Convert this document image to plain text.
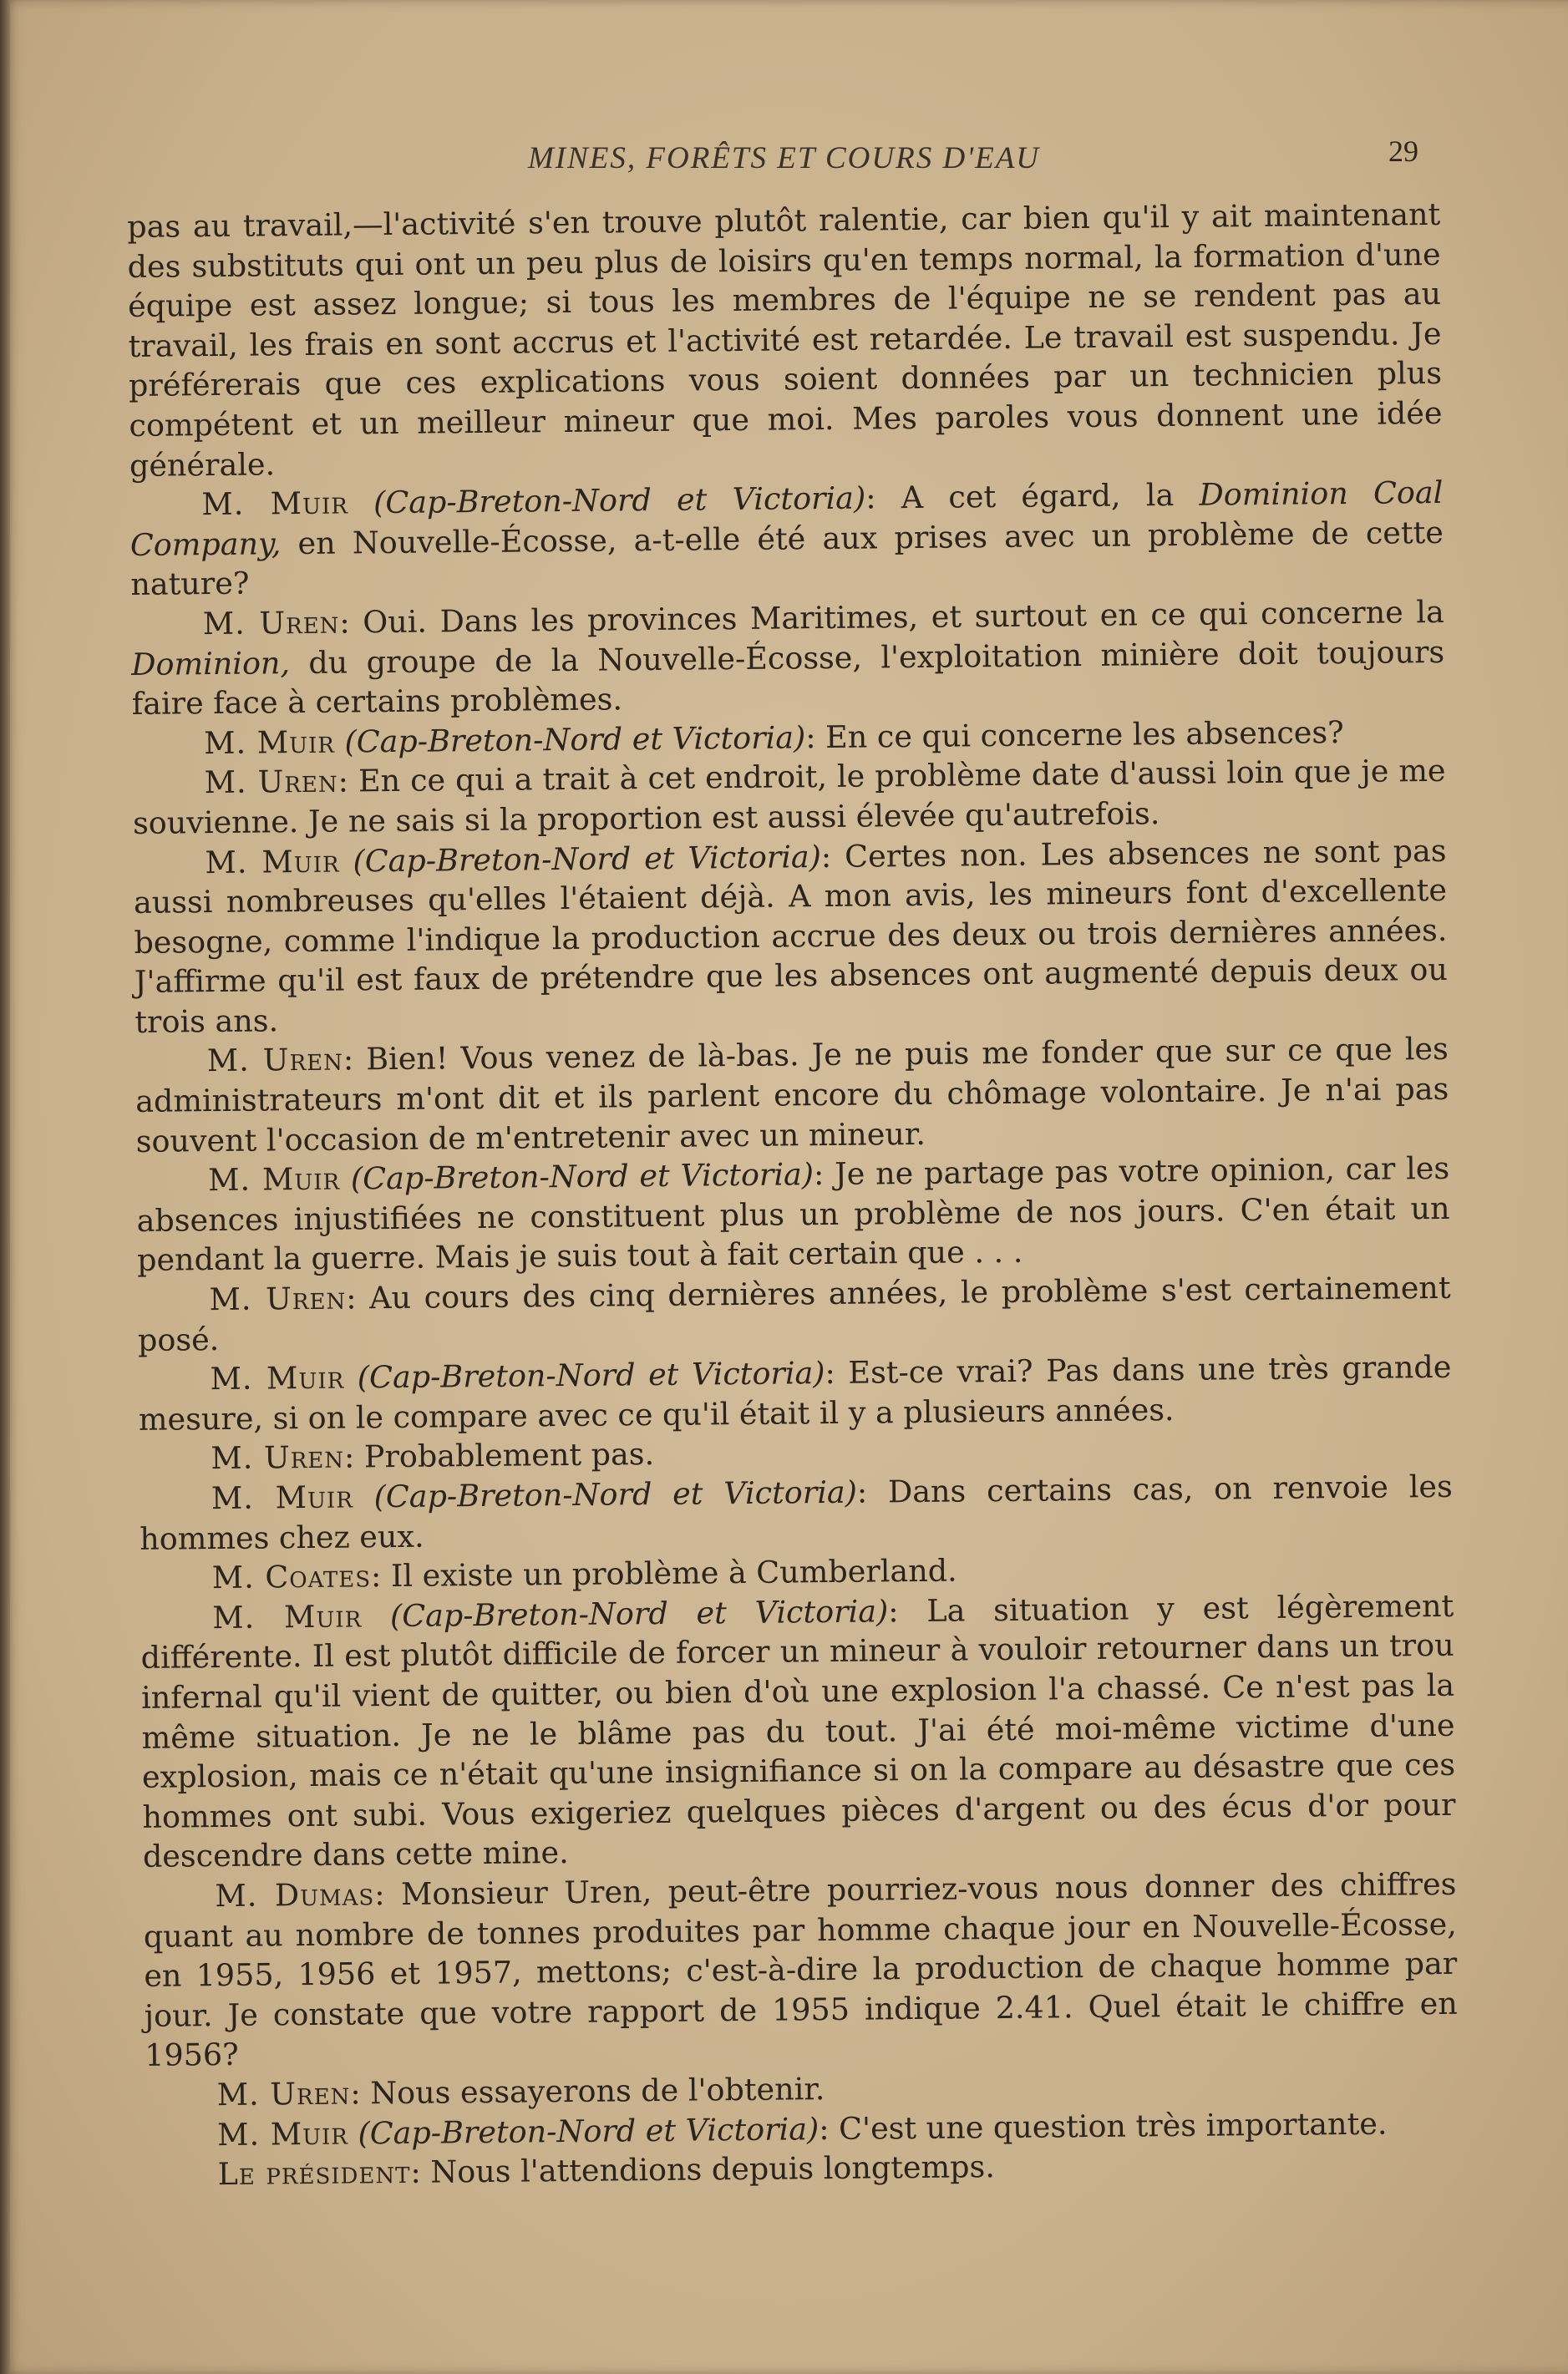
MINES, FORÊTS ET COURS D'EAU	29

pas au travail,—l'activité s'en trouve plutôt ralentie, car bien qu'il y ait maintenant des substituts qui ont un peu plus de loisirs qu'en temps normal, la formation d'une équipe est assez longue; si tous les membres de l'équipe ne se rendent pas au travail, les frais en sont accrus et l'activité est retardée. Le travail est suspendu. Je préférerais que ces explications vous soient données par un technicien plus compétent et un meilleur mineur que moi. Mes paroles vous donnent une idée générale.

M. Muir (Cap-Breton-Nord et Victoria): A cet égard, la Dominion Coal Company, en Nouvelle-Écosse, a-t-elle été aux prises avec un problème de cette nature?

M. Uren: Oui. Dans les provinces Maritimes, et surtout en ce qui concerne la Dominion, du groupe de la Nouvelle-Écosse, l'exploitation minière doit toujours faire face à certains problèmes.

M. Muir (Cap-Breton-Nord et Victoria): En ce qui concerne les absences?

M. Uren: En ce qui a trait à cet endroit, le problème date d'aussi loin que je me souvienne. Je ne sais si la proportion est aussi élevée qu'autrefois.

M. Muir (Cap-Breton-Nord et Victoria): Certes non. Les absences ne sont pas aussi nombreuses qu'elles l'étaient déjà. A mon avis, les mineurs font d'excellente besogne, comme l'indique la production accrue des deux ou trois dernières années. J'affirme qu'il est faux de prétendre que les absences ont augmenté depuis deux ou trois ans.

M. Uren: Bien! Vous venez de là-bas. Je ne puis me fonder que sur ce que les administrateurs m'ont dit et ils parlent encore du chômage volontaire. Je n'ai pas souvent l'occasion de m'entretenir avec un mineur.

M. Muir (Cap-Breton-Nord et Victoria): Je ne partage pas votre opinion, car les absences injustifiées ne constituent plus un problème de nos jours. C'en était un pendant la guerre. Mais je suis tout à fait certain que . . .

M. Uren: Au cours des cinq dernières années, le problème s'est certainement posé.

M. Muir (Cap-Breton-Nord et Victoria): Est-ce vrai? Pas dans une très grande mesure, si on le compare avec ce qu'il était il y a plusieurs années.

M. Uren: Probablement pas.

M. Muir (Cap-Breton-Nord et Victoria): Dans certains cas, on renvoie les hommes chez eux.

M. Coates: Il existe un problème à Cumberland.

M. Muir (Cap-Breton-Nord et Victoria): La situation y est légèrement différente. Il est plutôt difficile de forcer un mineur à vouloir retourner dans un trou infernal qu'il vient de quitter, ou bien d'où une explosion l'a chassé. Ce n'est pas la même situation. Je ne le blâme pas du tout. J'ai été moi-même victime d'une explosion, mais ce n'était qu'une insignifiance si on la compare au désastre que ces hommes ont subi. Vous exigeriez quelques pièces d'argent ou des écus d'or pour descendre dans cette mine.

M. Dumas: Monsieur Uren, peut-être pourriez-vous nous donner des chiffres quant au nombre de tonnes produites par homme chaque jour en Nouvelle-Écosse, en 1955, 1956 et 1957, mettons; c'est-à-dire la production de chaque homme par jour. Je constate que votre rapport de 1955 indique 2.41. Quel était le chiffre en 1956?

M. Uren: Nous essayerons de l'obtenir.

M. Muir (Cap-Breton-Nord et Victoria): C'est une question très importante.

Le président: Nous l'attendions depuis longtemps.
